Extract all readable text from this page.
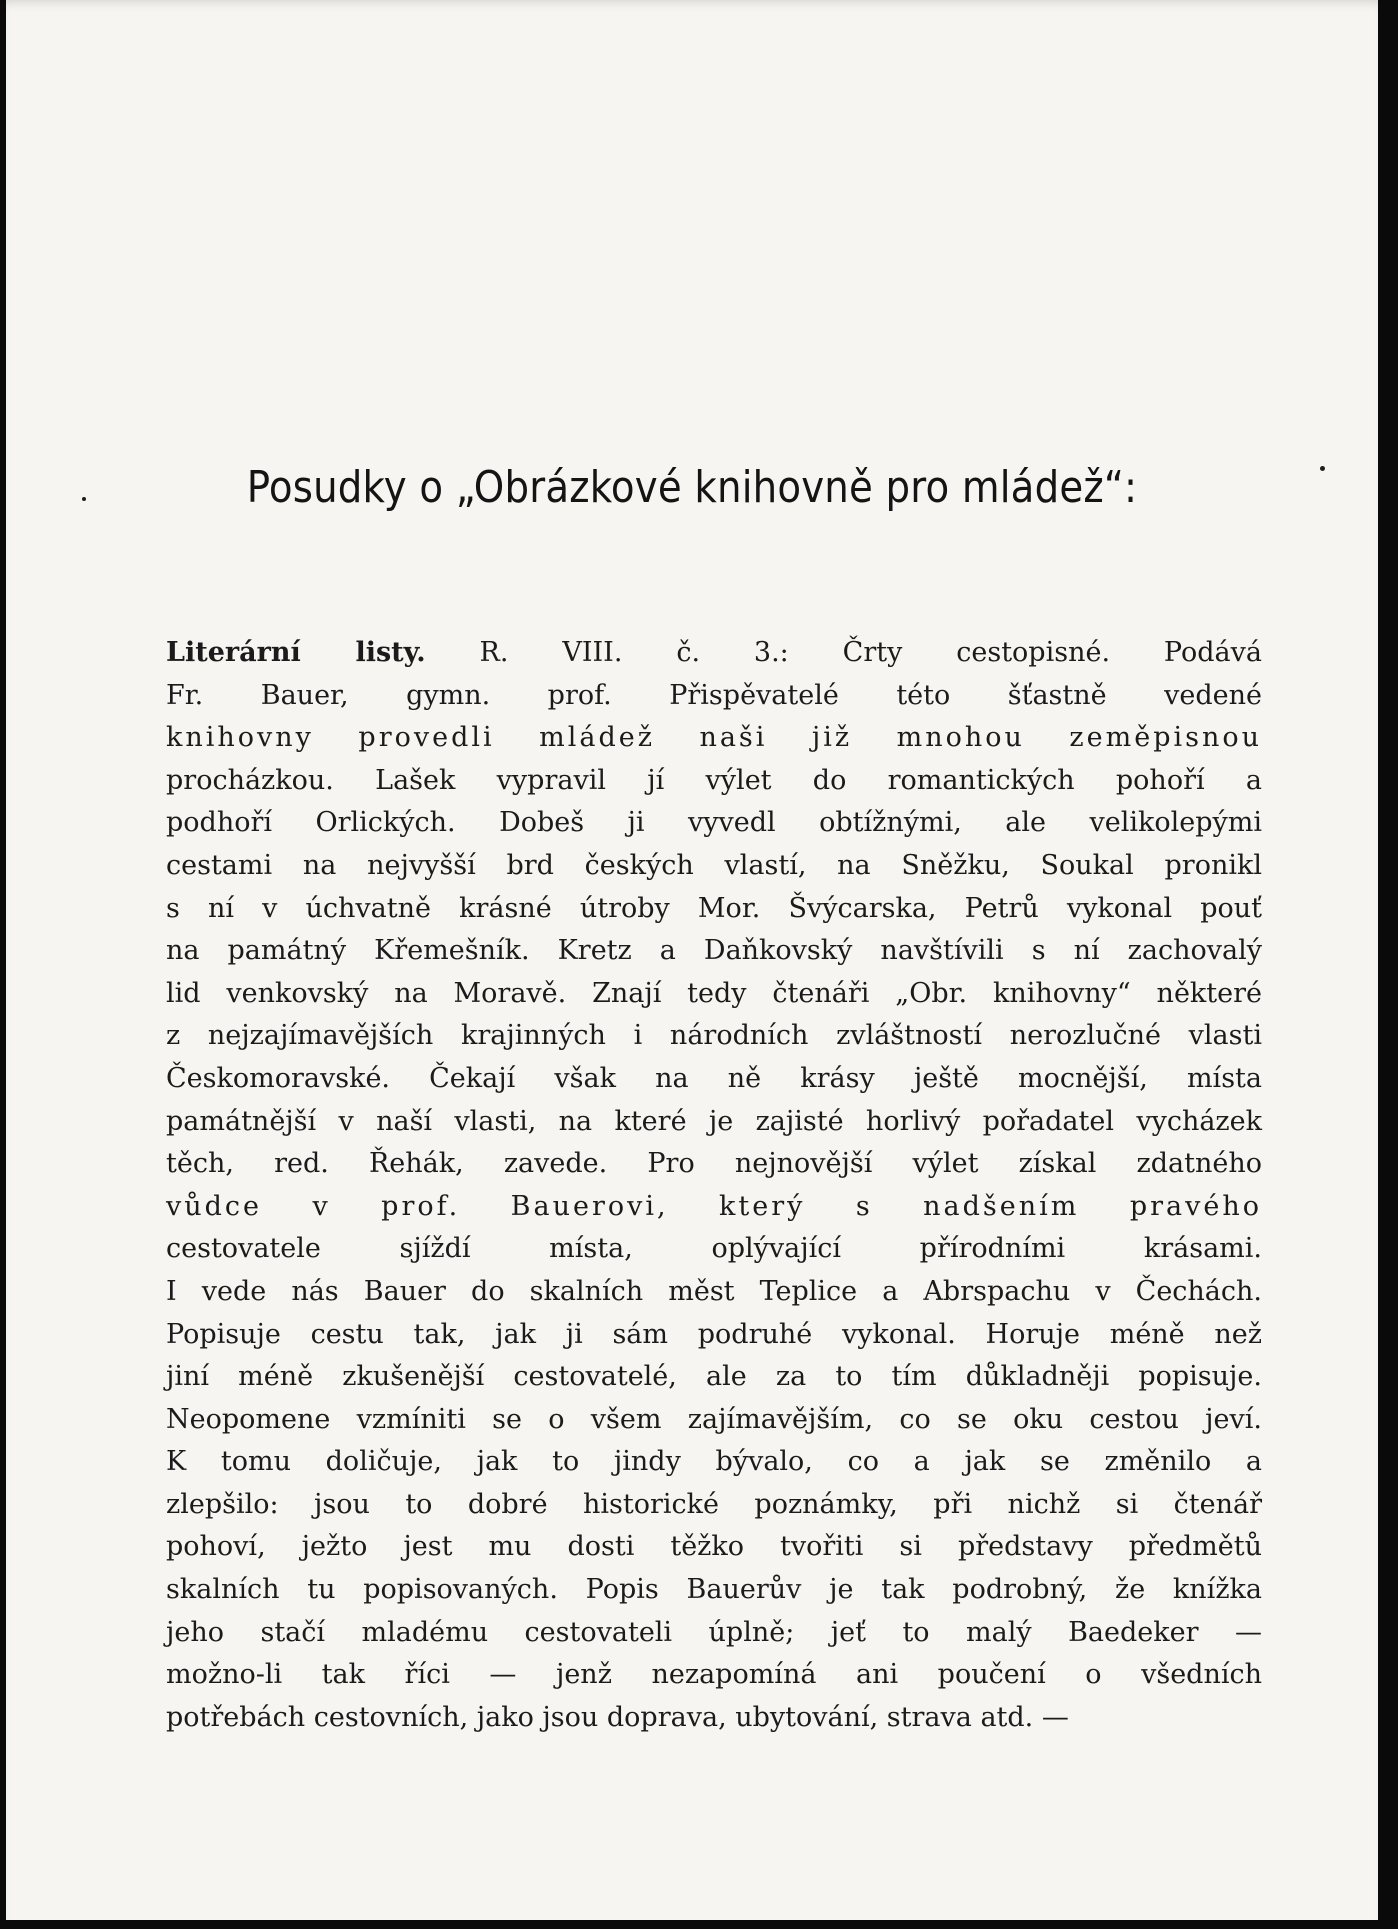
Posudky o „Obrázkové knihovně pro mládež“:
Literární listy. R. VIII. č. 3.: Črty cestopisné. Podává
Fr. Bauer, gymn. prof. Přispěvatelé této šťastně vedené
knihovny provedli mládež naši již mnohou zeměpisnou
procházkou. Lašek vypravil jí výlet do romantických pohoří a
podhoří Orlických. Dobeš ji vyvedl obtížnými, ale velikolepými
cestami na nejvyšší brd českých vlastí, na Sněžku, Soukal pronikl
s ní v úchvatně krásné útroby Mor. Švýcarska, Petrů vykonal pouť
na památný Křemešník. Kretz a Daňkovský navštívili s ní zachovalý
lid venkovský na Moravě. Znají tedy čtenáři „Obr. knihovny“ některé
z nejzajímavějších krajinných i národních zvláštností nerozlučné vlasti
Českomoravské. Čekají však na ně krásy ještě mocnější, místa
památnější v naší vlasti, na které je zajisté horlivý pořadatel vycházek
těch, red. Řehák, zavede. Pro nejnovější výlet získal zdatného
vůdce v prof. Bauerovi, který s nadšením pravého
cestovatele sjíždí místa, oplývající přírodními krásami.
I vede nás Bauer do skalních měst Teplice a Abrspachu v Čechách.
Popisuje cestu tak, jak ji sám podruhé vykonal. Horuje méně než
jiní méně zkušenější cestovatelé, ale za to tím důkladněji popisuje.
Neopomene vzmíniti se o všem zajímavějším, co se oku cestou jeví.
K tomu doličuje, jak to jindy bývalo, co a jak se změnilo a
zlepšilo: jsou to dobré historické poznámky, při nichž si čtenář
pohoví, ježto jest mu dosti těžko tvořiti si představy předmětů
skalních tu popisovaných. Popis Bauerův je tak podrobný, že knížka
jeho stačí mladému cestovateli úplně; jeť to malý Baedeker —
možno-li tak říci — jenž nezapomíná ani poučení o všedních
potřebách cestovních, jako jsou doprava, ubytování, strava atd. —
